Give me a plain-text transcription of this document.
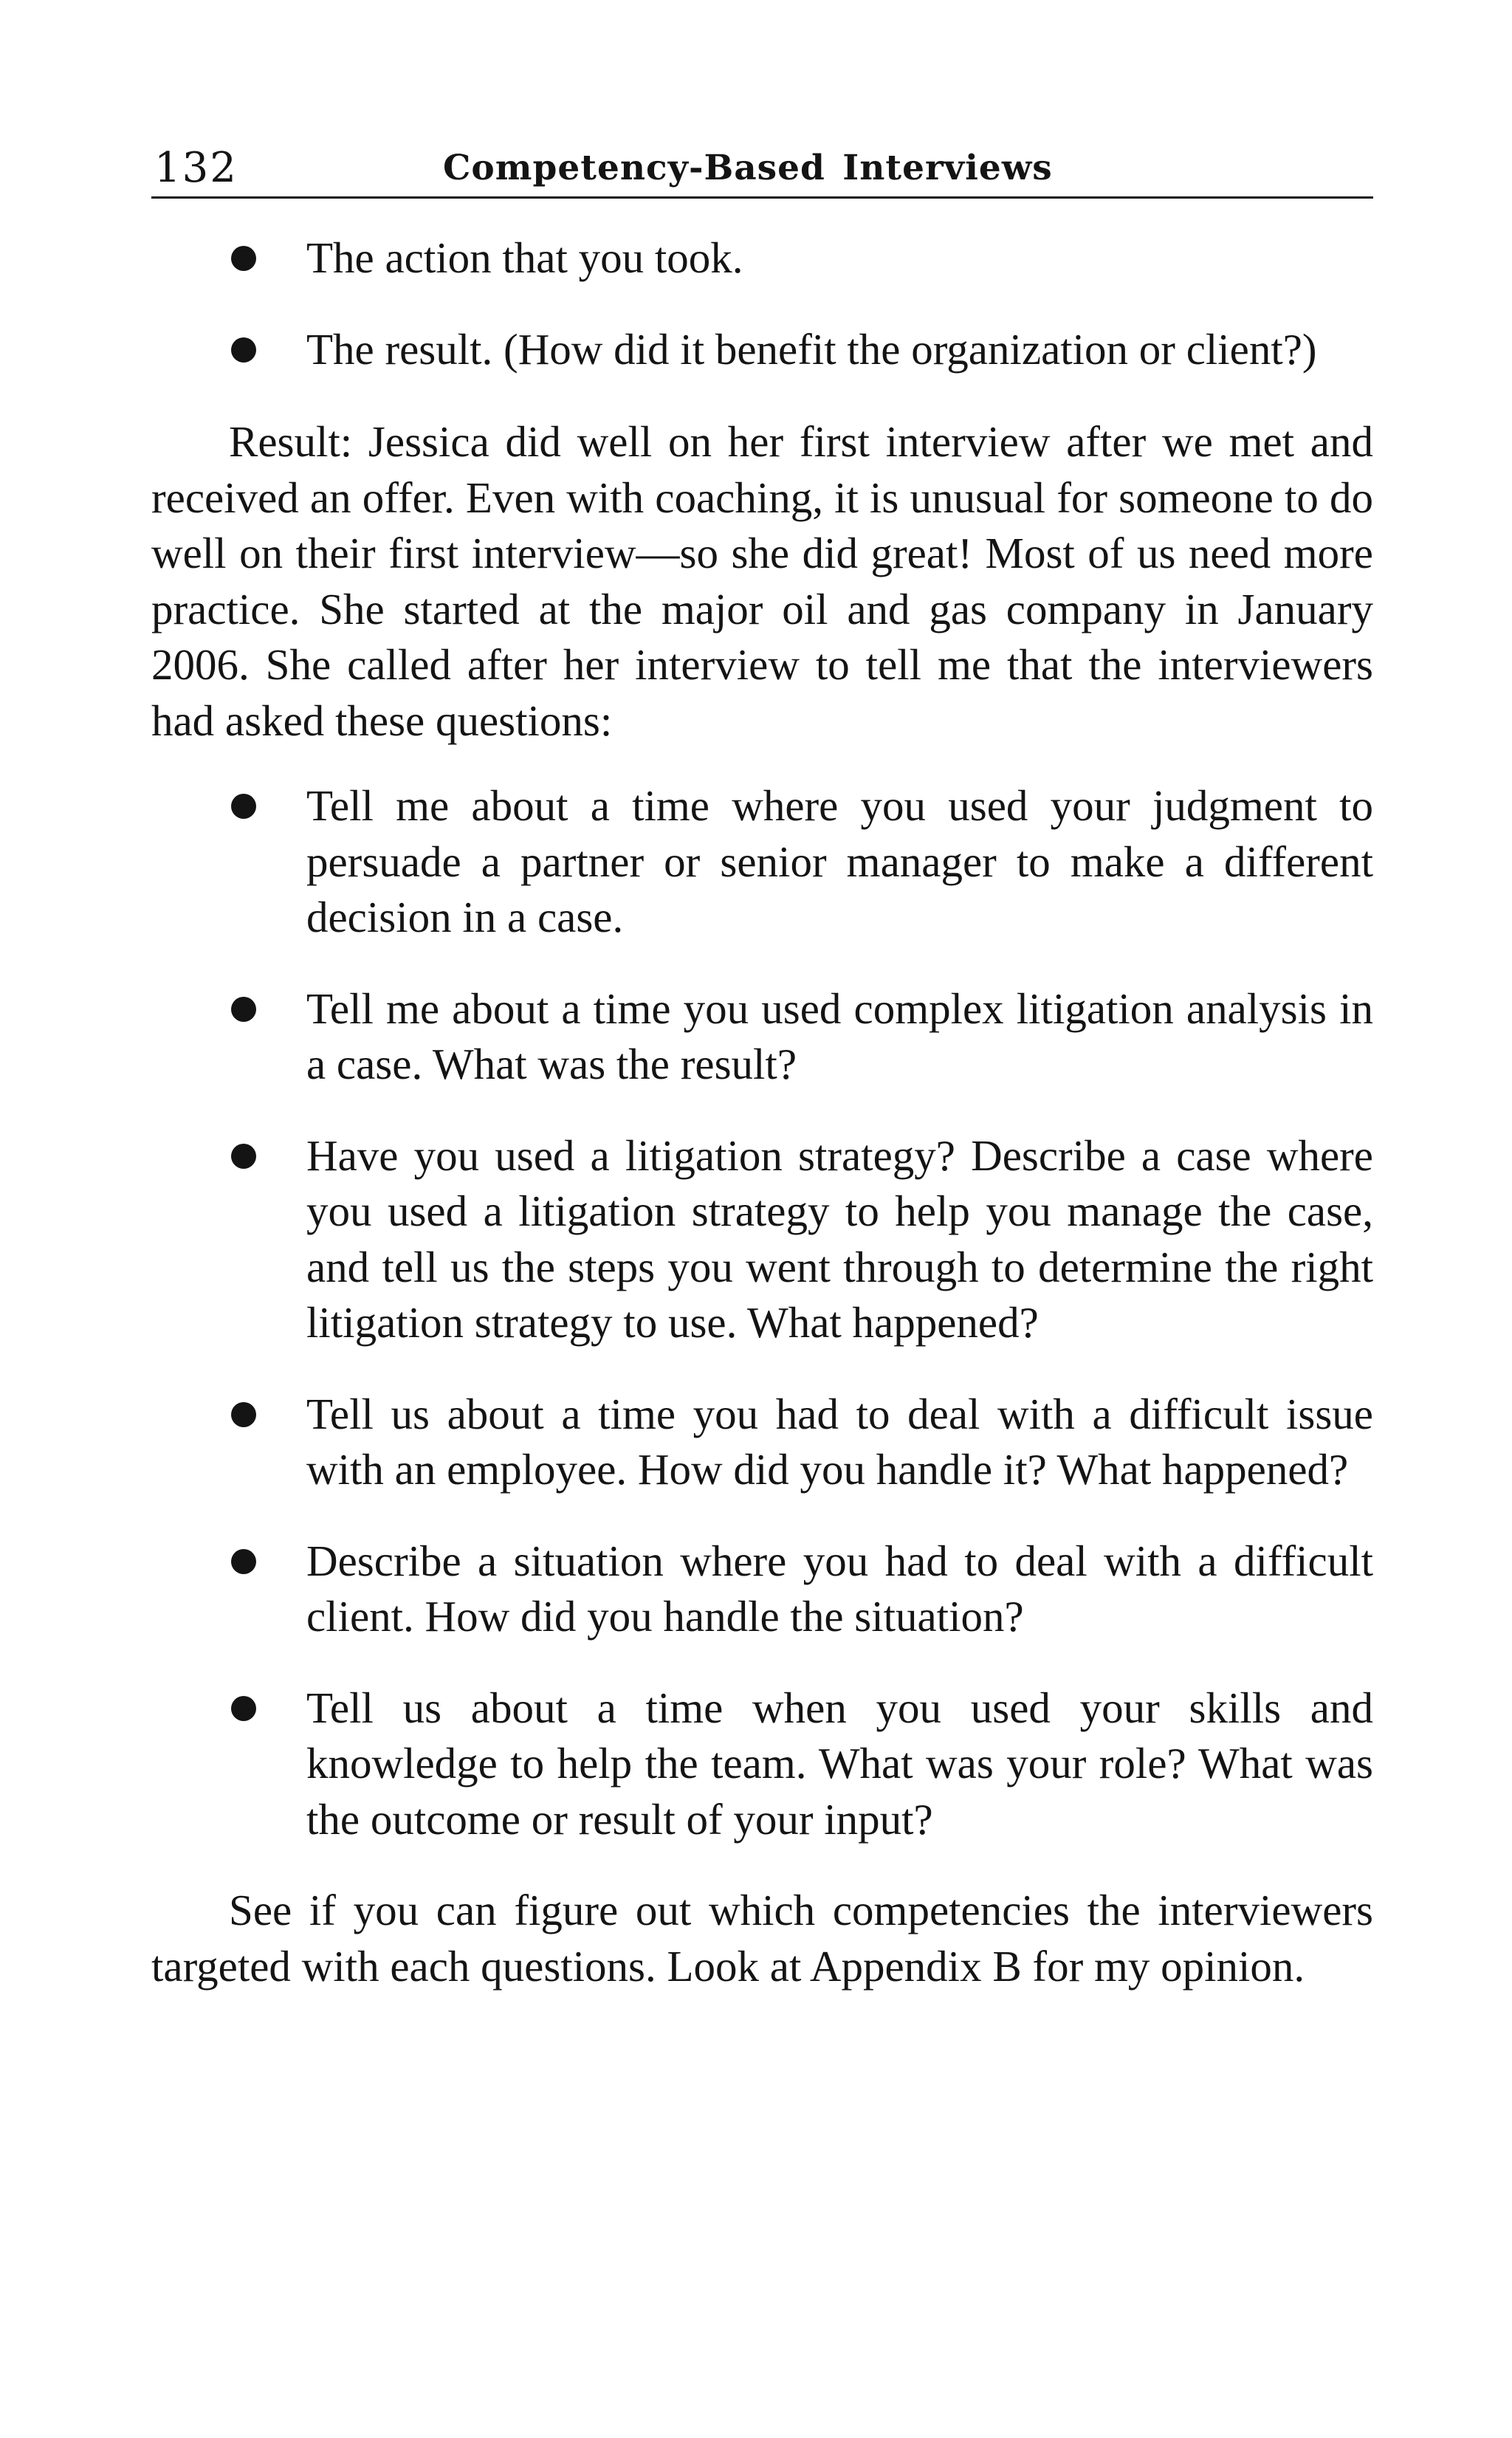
132	Competency-Based Interviews
The action that you took.
The result. (How did it benefit the organization or client?)

Result: Jessica did well on her first interview after we met and received an offer. Even with coaching, it is unusual for someone to do well on their first interview—so she did great! Most of us need more practice. She started at the major oil and gas company in January 2006. She called after her interview to tell me that the interviewers had asked these questions:

Tell me about a time where you used your judgment to persuade a partner or senior manager to make a different decision in a case.
Tell me about a time you used complex litigation analysis in a case. What was the result?
Have you used a litigation strategy? Describe a case where you used a litigation strategy to help you manage the case, and tell us the steps you went through to determine the right litigation strategy to use. What happened?
Tell us about a time you had to deal with a difficult issue with an employee. How did you handle it? What happened?
Describe a situation where you had to deal with a difficult client. How did you handle the situation?
Tell us about a time when you used your skills and knowledge to help the team. What was your role? What was the outcome or result of your input?

See if you can figure out which competencies the interviewers targeted with each questions. Look at Appendix B for my opinion.
